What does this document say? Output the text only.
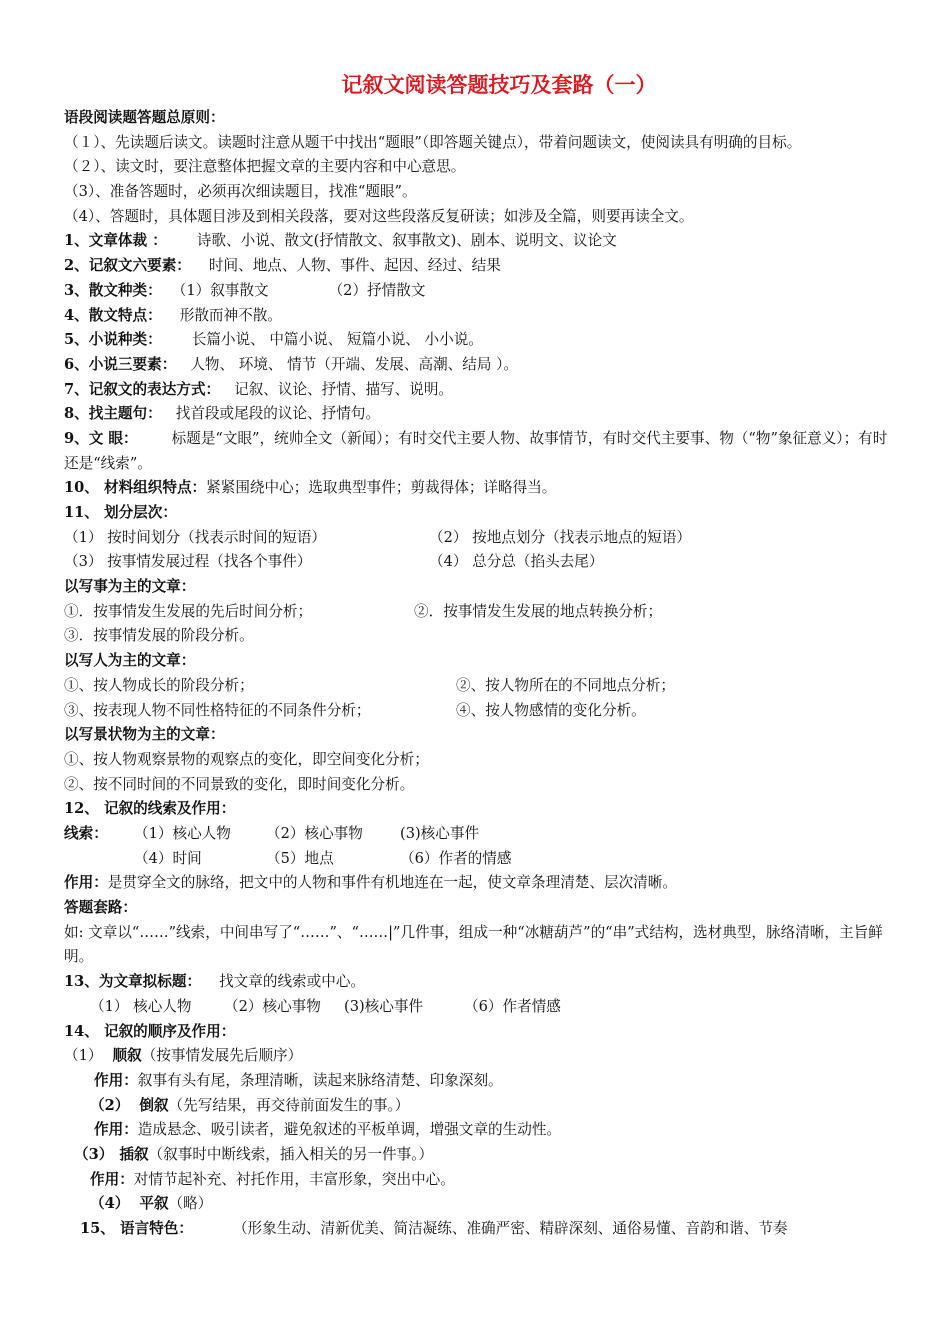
记叙文阅读答题技巧及套路（一）
语段阅读题答题总原则：
（１）、先读题后读文。读题时注意从题干中找出“题眼”（即答题关键点），带着问题读文，使阅读具有明确的目标。
（２）、读文时，要注意整体把握文章的主要内容和中心意思。
（3）、准备答题时，必须再次细读题目，找准“题眼”。
（4）、答题时，具体题目涉及到相关段落，要对这些段落反复研读；如涉及全篇，则要再读全文。
1、文章体裁 ： 诗歌、小说、散文(抒情散文、叙事散文)、剧本、说明文、议论文
2、记叙文六要素： 时间、地点、人物、事件、起因、经过、结果
3、散文种类： （1）叙事散文	（2）抒情散文
4、散文特点： 形散而神不散。
5、小说种类： 长篇小说、 中篇小说、 短篇小说、 小小说。
6、小说三要素： 人物、 环境、 情节（开端、发展、高潮、结局 ）。
7、记叙文的表达方式： 记叙、议论、抒情、描写、说明。
8、找主题句： 找首段或尾段的议论、抒情句。
9、文 眼： 标题是“文眼”，统帅全文（新闻）；有时交代主要人物、故事情节，有时交代主要事、物（“物”象征意义）；有时还是“线索”。
10、 材料组织特点：紧紧围绕中心；选取典型事件；剪裁得体；详略得当。
11、 划分层次：
（1） 按时间划分（找表示时间的短语）	（2） 按地点划分（找表示地点的短语）
（3） 按事情发展过程（找各个事件）	（4） 总分总（掐头去尾）
以写事为主的文章：
①．按事情发生发展的先后时间分析；	②．按事情发生发展的地点转换分析；
③．按事情发展的阶段分析。
以写人为主的文章：
①、按人物成长的阶段分析；	②、按人物所在的不同地点分析；
③、按表现人物不同性格特征的不同条件分析；	④、按人物感情的变化分析。
以写景状物为主的文章：
①、按人物观察景物的观察点的变化，即空间变化分析；
②、按不同时间的不同景致的变化，即时间变化分析。
12、 记叙的线索及作用：
线索： （1）核心人物 （2）核心事物	(3)核心事件
（4）时间	（5）地点	（6）作者的情感
作用：是贯穿全文的脉络，把文中的人物和事件有机地连在一起，使文章条理清楚、层次清晰。
答题套路：
如: 文章以“……”线索，中间串写了“……”、“……|”几件事，组成一种“冰糖葫芦”的“串”式结构，选材典型，脉络清晰，主旨鲜明。
13、为文章拟标题： 找文章的线索或中心。
（1） 核心人物 （2）核心事物 (3)核心事件	（6）作者情感
14、 记叙的顺序及作用：
（1） 顺叙（按事情发展先后顺序）
作用：叙事有头有尾，条理清晰，读起来脉络清楚、印象深刻。
（2） 倒叙（先写结果，再交待前面发生的事。）
作用：造成悬念、吸引读者，避免叙述的平板单调，增强文章的生动性。
（3） 插叙（叙事时中断线索，插入相关的另一件事。）
作用：对情节起补充、衬托作用，丰富形象，突出中心。
（4） 平叙（略）
15、 语言特色：	（形象生动、清新优美、简洁凝练、准确严密、精辟深刻、通俗易懂、音韵和谐、节奏
